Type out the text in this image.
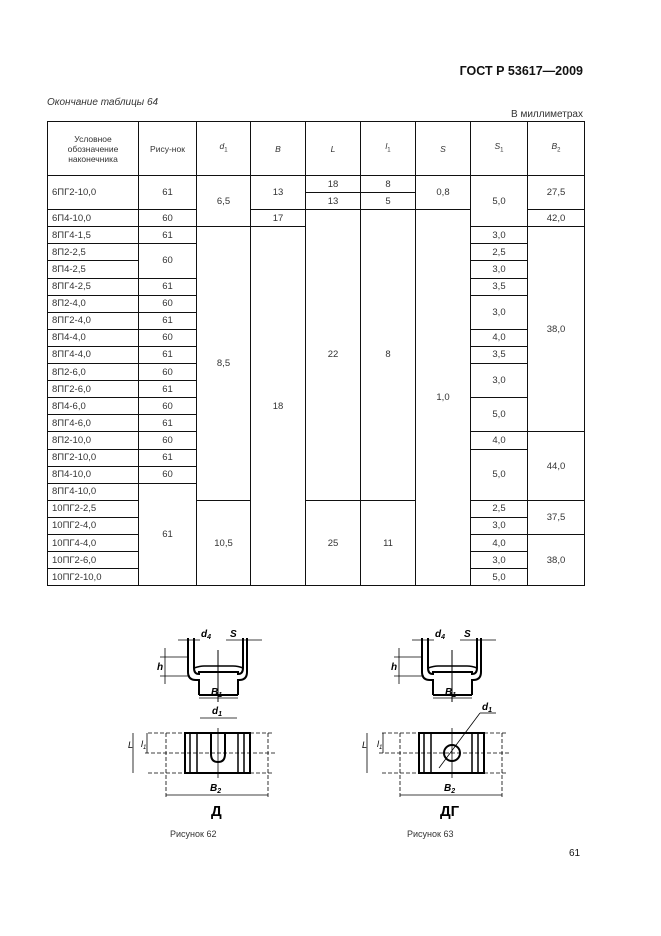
ГОСТ Р 53617—2009
Окончание таблицы 64
В миллиметрах
Условное обозначение наконечника	Рису-нок	$d_1$	B	L	$l_1$	S	$S_1$	$B_2$
6ПГ2-10,0	61	6,5	13	18	8	0,8	5,0	27,5
				13	5			
6П4-10,0	60		17	22	8	1,0		42,0
8ПГ4-1,5	61	8,5	18				3,0	38,0
8П2-2,5	60						2,5	
8П4-2,5							3,0	
8ПГ4-2,5	61						3,5	
8П2-4,0	60						3,0	
8ПГ2-4,0	61							
8П4-4,0	60						4,0	
8ПГ4-4,0	61						3,5	
8П2-6,0	60						3,0	
8ПГ2-6,0	61							
8П4-6,0	60						5,0	
8ПГ4-6,0	61							
8П2-10,0	60						4,0	44,0
8ПГ2-10,0	61						5,0	
8П4-10,0	60							
8ПГ4-10,0	61							
10ПГ2-2,5		10,5		25	11		2,5	37,5
10ПГ2-4,0							3,0	
10ПГ4-4,0							4,0	38,0
10ПГ2-6,0							3,0	
10ПГ2-10,0							5,0	
$d_4$ S
h
$B_1$
$d_1$
L $l_1$
$B_2$
Д
$d_4$ S
h
$B_1$
$d_1$
L $l_1$
$B_2$
ДГ
Рисунок 62	Рисунок 63
61
